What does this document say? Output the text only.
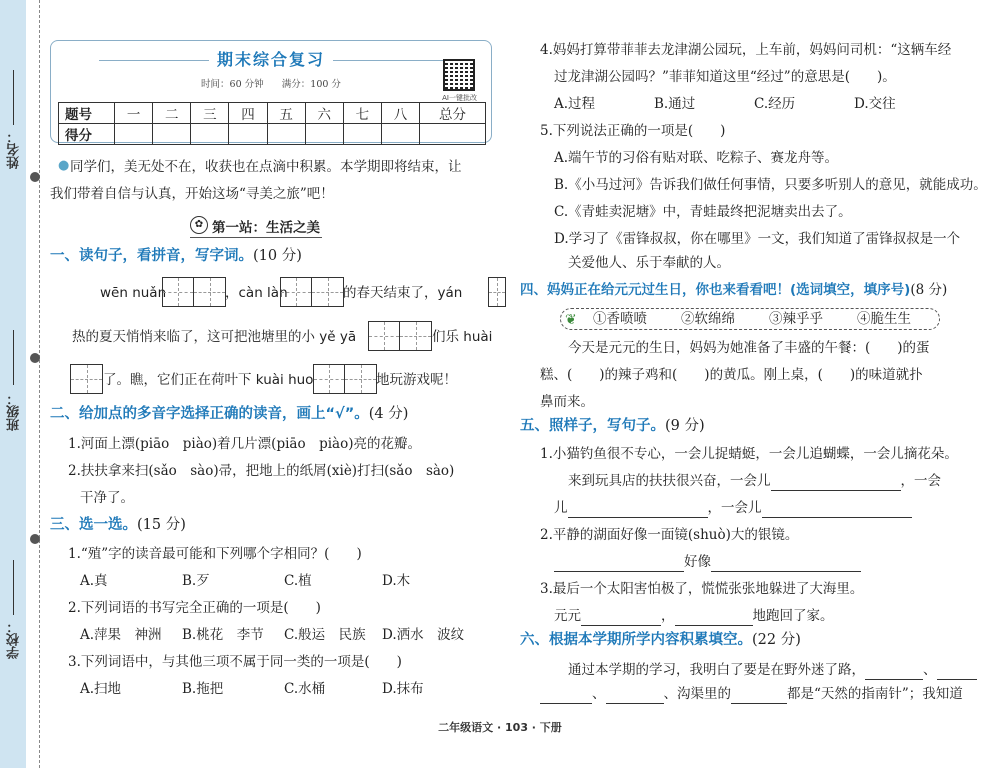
姓名：
班级：
学校：
期末综合复习
时间：60 分钟 满分：100 分
AI一键批改
题号	一	二	三	四	五	六	七	八	总分
得分									
● 同学们，美无处不在，收获也在点滴中积累。本学期即将结束，让
我们带着自信与认真，开始这场“寻美之旅”吧！
✿ 第一站：生活之美
一、读句子，看拼音，写字词。(10 分)
wēn nuǎn	，càn làn	的春天结束了，yán
热的夏天悄悄来临了，这可把池塘里的小 yě yā	们乐 huài
了。瞧，它们正在荷叶下 kuài huo	地玩游戏呢！
二、给加点的多音字选择正确的读音，画上“√”。(4 分)
1.河面上漂(piāo　piào)着几片漂(piāo　piào)亮的花瓣。
2.扶扶拿来扫(sǎo　sào)帚，把地上的纸屑(xiè)打扫(sǎo　sào)
干净了。
三、选一选。(15 分)
1.“殖”字的读音最可能和下列哪个字相同？(　　)
A.真	B.歹	C.植	D.木
2.下列词语的书写完全正确的一项是(　　)
A.萍果　神洲 B.桃花　李节 C.般运　民族 D.洒水　波纹
3.下列词语中，与其他三项不属于同一类的一项是(　　)
A.扫地	B.拖把	C.水桶	D.抹布
4.妈妈打算带菲菲去龙津湖公园玩，上车前，妈妈问司机：“这辆车经
过龙津湖公园吗？”菲菲知道这里“经过”的意思是(　　)。
A.过程	B.通过	C.经历	D.交往
5.下列说法正确的一项是(　　)
A.端午节的习俗有贴对联、吃粽子、赛龙舟等。
B.《小马过河》告诉我们做任何事情，只要多听别人的意见，就能成功。
C.《青蛙卖泥塘》中，青蛙最终把泥塘卖出去了。
D.学习了《雷锋叔叔，你在哪里》一文，我们知道了雷锋叔叔是一个
关爱他人、乐于奉献的人。
四、妈妈正在给元元过生日，你也来看看吧！(选词填空，填序号)(8 分)
❦	①香喷喷	②软绵绵	③辣乎乎	④脆生生
今天是元元的生日，妈妈为她准备了丰盛的午餐：(　　)的蛋
糕、(　　)的辣子鸡和(　　)的黄瓜。刚上桌，(　　)的味道就扑
鼻而来。
五、照样子，写句子。(9 分)
1.小猫钓鱼很不专心，一会儿捉蜻蜓，一会儿追蝴蝶，一会儿摘花朵。
来到玩具店的扶扶很兴奋，一会儿	，一会
儿	，一会儿
2.平静的湖面好像一面镜(shuò)大的银镜。
好像
3.最后一个太阳害怕极了，慌慌张张地躲进了大海里。
元元	，	地跑回了家。
六、根据本学期所学内容积累填空。(22 分)
通过本学期的学习，我明白了要是在野外迷了路，	、
、	、沟渠里的	都是“天然的指南针”；我知道
二年级语文 · 103 · 下册
